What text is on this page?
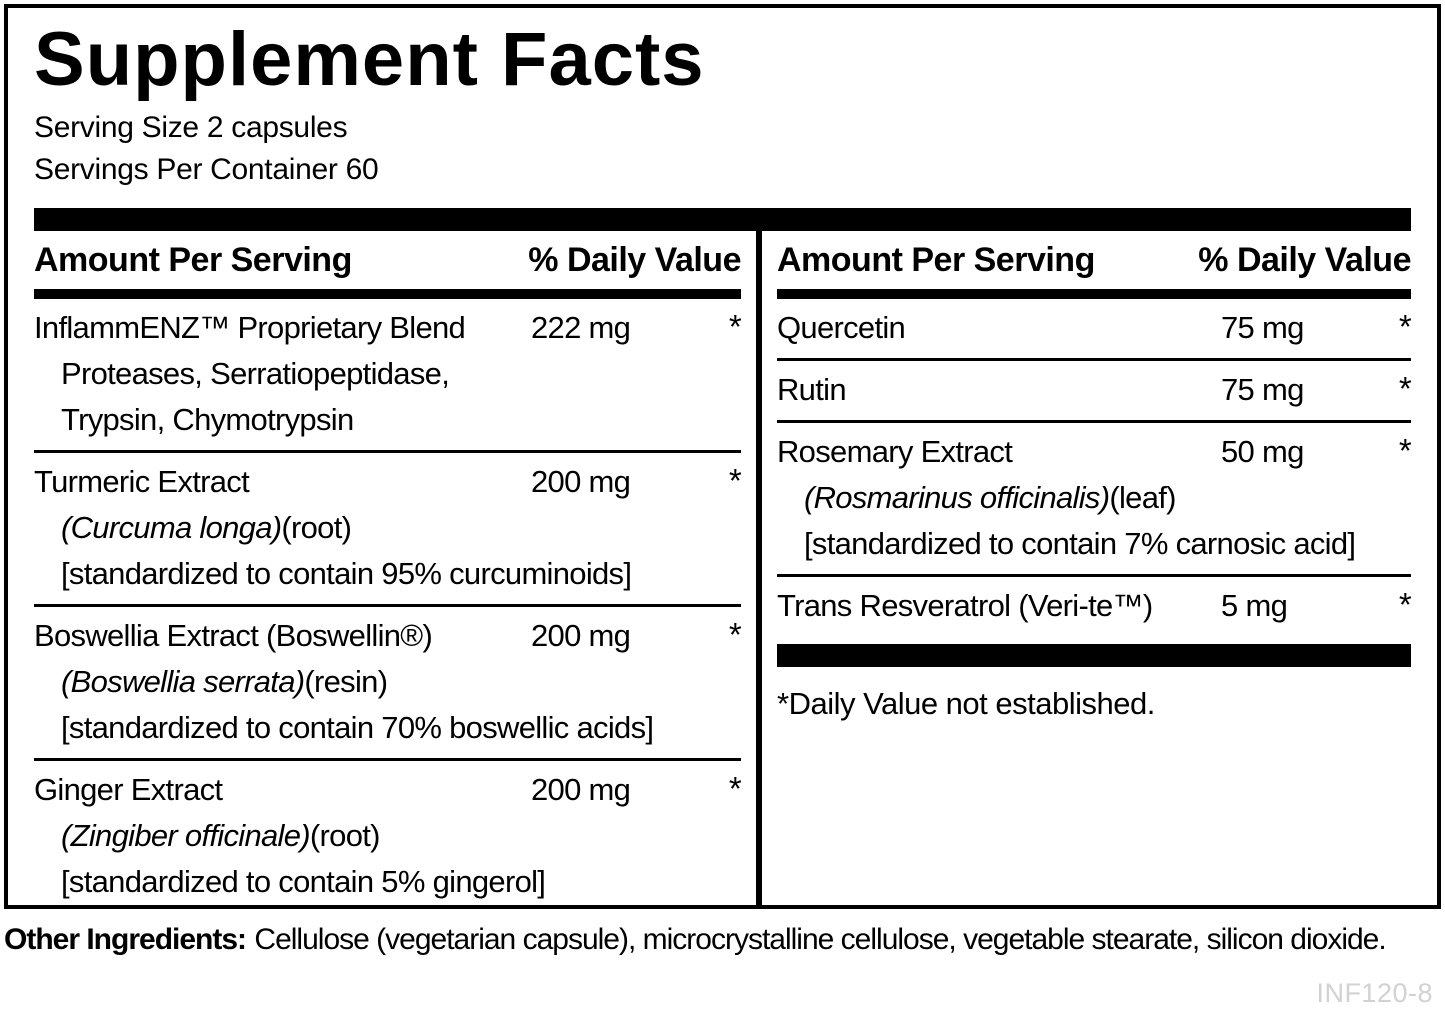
Supplement Facts
Serving Size 2 capsules
Servings Per Container 60
Amount Per Serving	% Daily Value
InflammENZ™ Proprietary Blend	222 mg	*
Proteases, Serratiopeptidase,
Trypsin, Chymotrypsin
Turmeric Extract	200 mg	*
(Curcuma longa)(root)
[standardized to contain 95% curcuminoids]
Boswellia Extract (Boswellin®)	200 mg	*
(Boswellia serrata)(resin)
[standardized to contain 70% boswellic acids]
Ginger Extract	200 mg	*
(Zingiber officinale)(root)
[standardized to contain 5% gingerol]
Amount Per Serving	% Daily Value
Quercetin	75 mg	*
Rutin	75 mg	*
Rosemary Extract	50 mg	*
(Rosmarinus officinalis)(leaf)
[standardized to contain 7% carnosic acid]
Trans Resveratrol (Veri-te™)	5 mg	*
*Daily Value not established.
Other Ingredients: Cellulose (vegetarian capsule), microcrystalline cellulose, vegetable stearate, silicon dioxide.
INF120-8
